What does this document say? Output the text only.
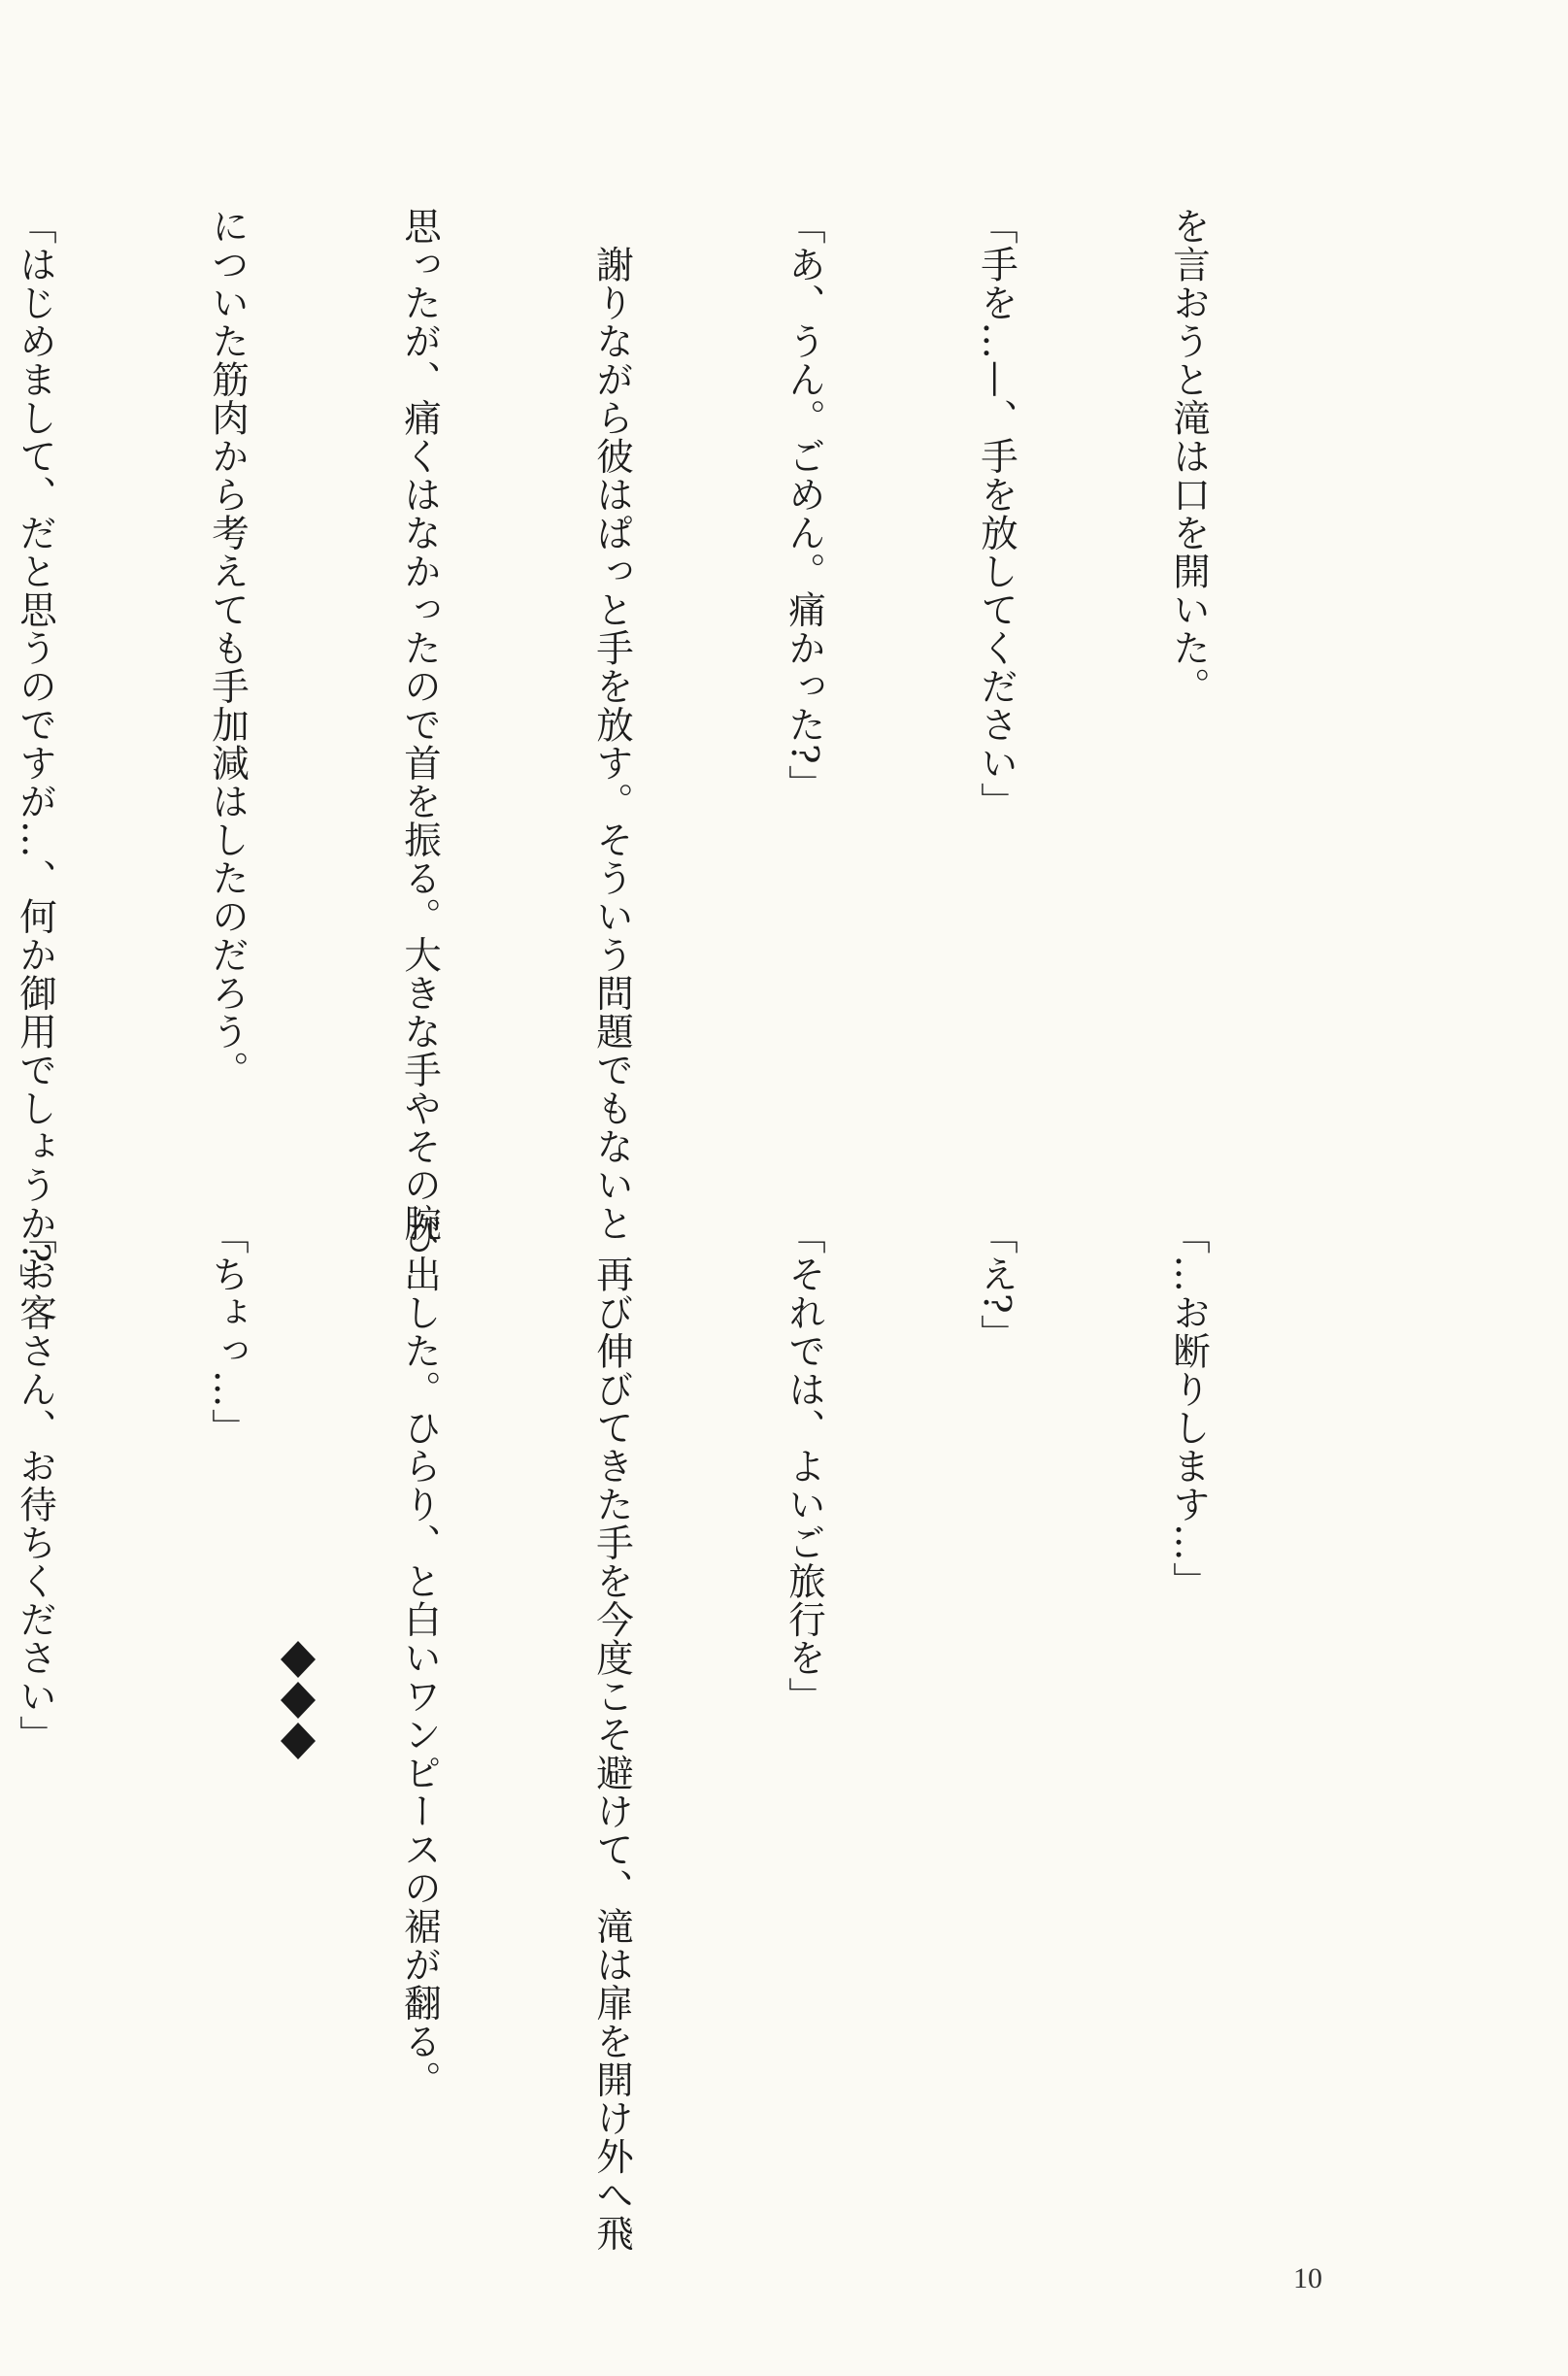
を言おうと滝は口を開いた。

「手を…—、手を放してください」

「あ、うん。ごめん。痛かった?」

　謝りながら彼はぱっと手を放す。そういう問題でもないと

思ったが、痛くはなかったので首を振る。大きな手やその腕

についた筋肉から考えても手加減はしたのだろう。

「はじめまして、だと思うのですが…、何か御用でしょうか?」

「…お断りします…」

「え?」

「それでは、よいご旅行を」

　再び伸びてきた手を今度こそ避けて、滝は扉を開け外へ飛

び出した。ひらり、と白いワンピースの裾が翻る。

「ちょっ…」

「お客さん、お待ちください」

10
